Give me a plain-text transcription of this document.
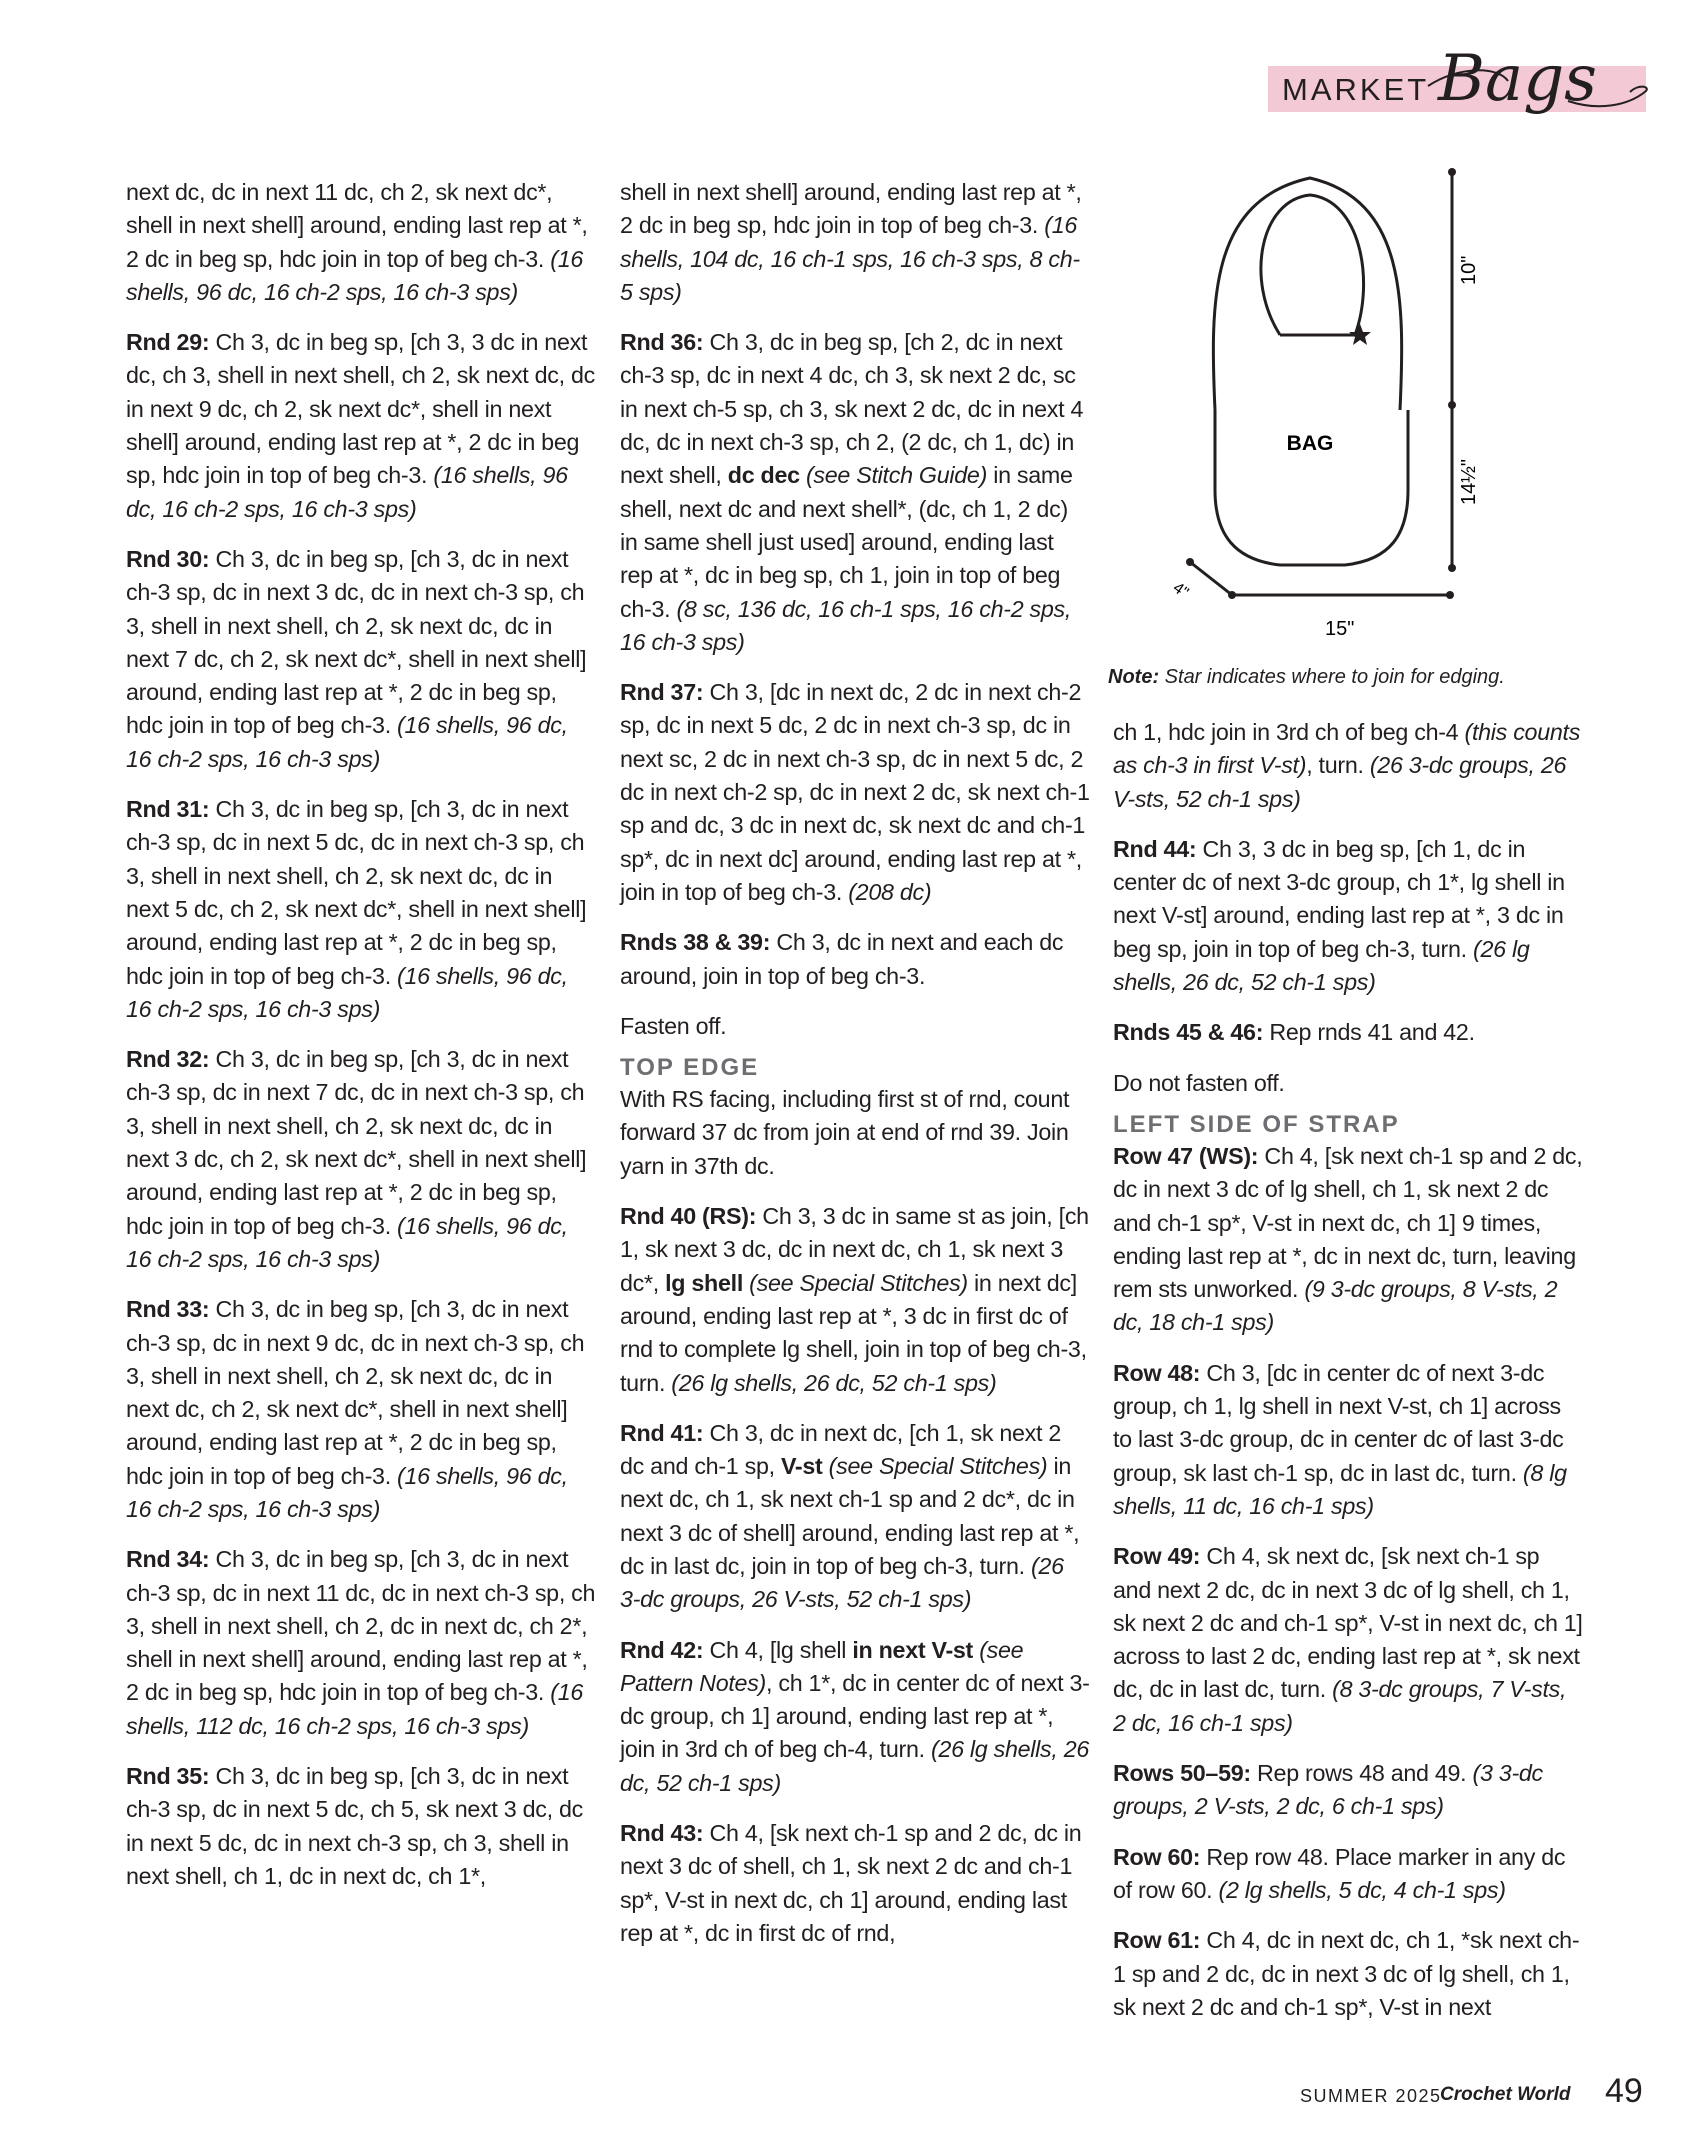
MARKET Bags

next dc, dc in next 11 dc, ch 2, sk next dc*, shell in next shell] around, ending last rep at *, 2 dc in beg sp, hdc join in top of beg ch-3. (16 shells, 96 dc, 16 ch-2 sps, 16 ch-3 sps)

Rnd 29: Ch 3, dc in beg sp, [ch 3, 3 dc in next dc, ch 3, shell in next shell, ch 2, sk next dc, dc in next 9 dc, ch 2, sk next dc*, shell in next shell] around, ending last rep at *, 2 dc in beg sp, hdc join in top of beg ch-3. (16 shells, 96 dc, 16 ch-2 sps, 16 ch-3 sps)

Rnd 30: Ch 3, dc in beg sp, [ch 3, dc in next ch-3 sp, dc in next 3 dc, dc in next ch-3 sp, ch 3, shell in next shell, ch 2, sk next dc, dc in next 7 dc, ch 2, sk next dc*, shell in next shell] around, ending last rep at *, 2 dc in beg sp, hdc join in top of beg ch-3. (16 shells, 96 dc, 16 ch-2 sps, 16 ch-3 sps)

Rnd 31: Ch 3, dc in beg sp, [ch 3, dc in next ch-3 sp, dc in next 5 dc, dc in next ch-3 sp, ch 3, shell in next shell, ch 2, sk next dc, dc in next 5 dc, ch 2, sk next dc*, shell in next shell] around, ending last rep at *, 2 dc in beg sp, hdc join in top of beg ch-3. (16 shells, 96 dc, 16 ch-2 sps, 16 ch-3 sps)

Rnd 32: Ch 3, dc in beg sp, [ch 3, dc in next ch-3 sp, dc in next 7 dc, dc in next ch-3 sp, ch 3, shell in next shell, ch 2, sk next dc, dc in next 3 dc, ch 2, sk next dc*, shell in next shell] around, ending last rep at *, 2 dc in beg sp, hdc join in top of beg ch-3. (16 shells, 96 dc, 16 ch-2 sps, 16 ch-3 sps)

Rnd 33: Ch 3, dc in beg sp, [ch 3, dc in next ch-3 sp, dc in next 9 dc, dc in next ch-3 sp, ch 3, shell in next shell, ch 2, sk next dc, dc in next dc, ch 2, sk next dc*, shell in next shell] around, ending last rep at *, 2 dc in beg sp, hdc join in top of beg ch-3. (16 shells, 96 dc, 16 ch-2 sps, 16 ch-3 sps)

Rnd 34: Ch 3, dc in beg sp, [ch 3, dc in next ch-3 sp, dc in next 11 dc, dc in next ch-3 sp, ch 3, shell in next shell, ch 2, dc in next dc, ch 2*, shell in next shell] around, ending last rep at *, 2 dc in beg sp, hdc join in top of beg ch-3. (16 shells, 112 dc, 16 ch-2 sps, 16 ch-3 sps)

Rnd 35: Ch 3, dc in beg sp, [ch 3, dc in next ch-3 sp, dc in next 5 dc, ch 5, sk next 3 dc, dc in next 5 dc, dc in next ch-3 sp, ch 3, shell in next shell, ch 1, dc in next dc, ch 1*,

shell in next shell] around, ending last rep at *, 2 dc in beg sp, hdc join in top of beg ch-3. (16 shells, 104 dc, 16 ch-1 sps, 16 ch-3 sps, 8 ch-5 sps)

Rnd 36: Ch 3, dc in beg sp, [ch 2, dc in next ch-3 sp, dc in next 4 dc, ch 3, sk next 2 dc, sc in next ch-5 sp, ch 3, sk next 2 dc, dc in next 4 dc, dc in next ch-3 sp, ch 2, (2 dc, ch 1, dc) in next shell, dc dec (see Stitch Guide) in same shell, next dc and next shell*, (dc, ch 1, 2 dc) in same shell just used] around, ending last rep at *, dc in beg sp, ch 1, join in top of beg ch-3. (8 sc, 136 dc, 16 ch-1 sps, 16 ch-2 sps, 16 ch-3 sps)

Rnd 37: Ch 3, [dc in next dc, 2 dc in next ch-2 sp, dc in next 5 dc, 2 dc in next ch-3 sp, dc in next sc, 2 dc in next ch-3 sp, dc in next 5 dc, 2 dc in next ch-2 sp, dc in next 2 dc, sk next ch-1 sp and dc, 3 dc in next dc, sk next dc and ch-1 sp*, dc in next dc] around, ending last rep at *, join in top of beg ch-3. (208 dc)

Rnds 38 & 39: Ch 3, dc in next and each dc around, join in top of beg ch-3.

Fasten off.

TOP EDGE

With RS facing, including first st of rnd, count forward 37 dc from join at end of rnd 39. Join yarn in 37th dc.

Rnd 40 (RS): Ch 3, 3 dc in same st as join, [ch 1, sk next 3 dc, dc in next dc, ch 1, sk next 3 dc*, lg shell (see Special Stitches) in next dc] around, ending last rep at *, 3 dc in first dc of rnd to complete lg shell, join in top of beg ch-3, turn. (26 lg shells, 26 dc, 52 ch-1 sps)

Rnd 41: Ch 3, dc in next dc, [ch 1, sk next 2 dc and ch-1 sp, V-st (see Special Stitches) in next dc, ch 1, sk next ch-1 sp and 2 dc*, dc in next 3 dc of shell] around, ending last rep at *, dc in last dc, join in top of beg ch-3, turn. (26 3-dc groups, 26 V-sts, 52 ch-1 sps)

Rnd 42: Ch 4, [lg shell in next V-st (see Pattern Notes), ch 1*, dc in center dc of next 3-dc group, ch 1] around, ending last rep at *, join in 3rd ch of beg ch-4, turn. (26 lg shells, 26 dc, 52 ch-1 sps)

Rnd 43: Ch 4, [sk next ch-1 sp and 2 dc, dc in next 3 dc of shell, ch 1, sk next 2 dc and ch-1 sp*, V-st in next dc, ch 1] around, ending last rep at *, dc in first dc of rnd,

10"
14½"
15"
4"
BAG
Note: Star indicates where to join for edging.

ch 1, hdc join in 3rd ch of beg ch-4 (this counts as ch-3 in first V-st), turn. (26 3-dc groups, 26 V-sts, 52 ch-1 sps)

Rnd 44: Ch 3, 3 dc in beg sp, [ch 1, dc in center dc of next 3-dc group, ch 1*, lg shell in next V-st] around, ending last rep at *, 3 dc in beg sp, join in top of beg ch-3, turn. (26 lg shells, 26 dc, 52 ch-1 sps)

Rnds 45 & 46: Rep rnds 41 and 42.

Do not fasten off.

LEFT SIDE OF STRAP

Row 47 (WS): Ch 4, [sk next ch-1 sp and 2 dc, dc in next 3 dc of lg shell, ch 1, sk next 2 dc and ch-1 sp*, V-st in next dc, ch 1] 9 times, ending last rep at *, dc in next dc, turn, leaving rem sts unworked. (9 3-dc groups, 8 V-sts, 2 dc, 18 ch-1 sps)

Row 48: Ch 3, [dc in center dc of next 3-dc group, ch 1, lg shell in next V-st, ch 1] across to last 3-dc group, dc in center dc of last 3-dc group, sk last ch-1 sp, dc in last dc, turn. (8 lg shells, 11 dc, 16 ch-1 sps)

Row 49: Ch 4, sk next dc, [sk next ch-1 sp and next 2 dc, dc in next 3 dc of lg shell, ch 1, sk next 2 dc and ch-1 sp*, V-st in next dc, ch 1] across to last 2 dc, ending last rep at *, sk next dc, dc in last dc, turn. (8 3-dc groups, 7 V-sts, 2 dc, 16 ch-1 sps)

Rows 50–59: Rep rows 48 and 49. (3 3-dc groups, 2 V-sts, 2 dc, 6 ch-1 sps)

Row 60: Rep row 48. Place marker in any dc of row 60. (2 lg shells, 5 dc, 4 ch-1 sps)

Row 61: Ch 4, dc in next dc, ch 1, *sk next ch-1 sp and 2 dc, dc in next 3 dc of lg shell, ch 1, sk next 2 dc and ch-1 sp*, V-st in next

SUMMER 2025
Crochet World 49
